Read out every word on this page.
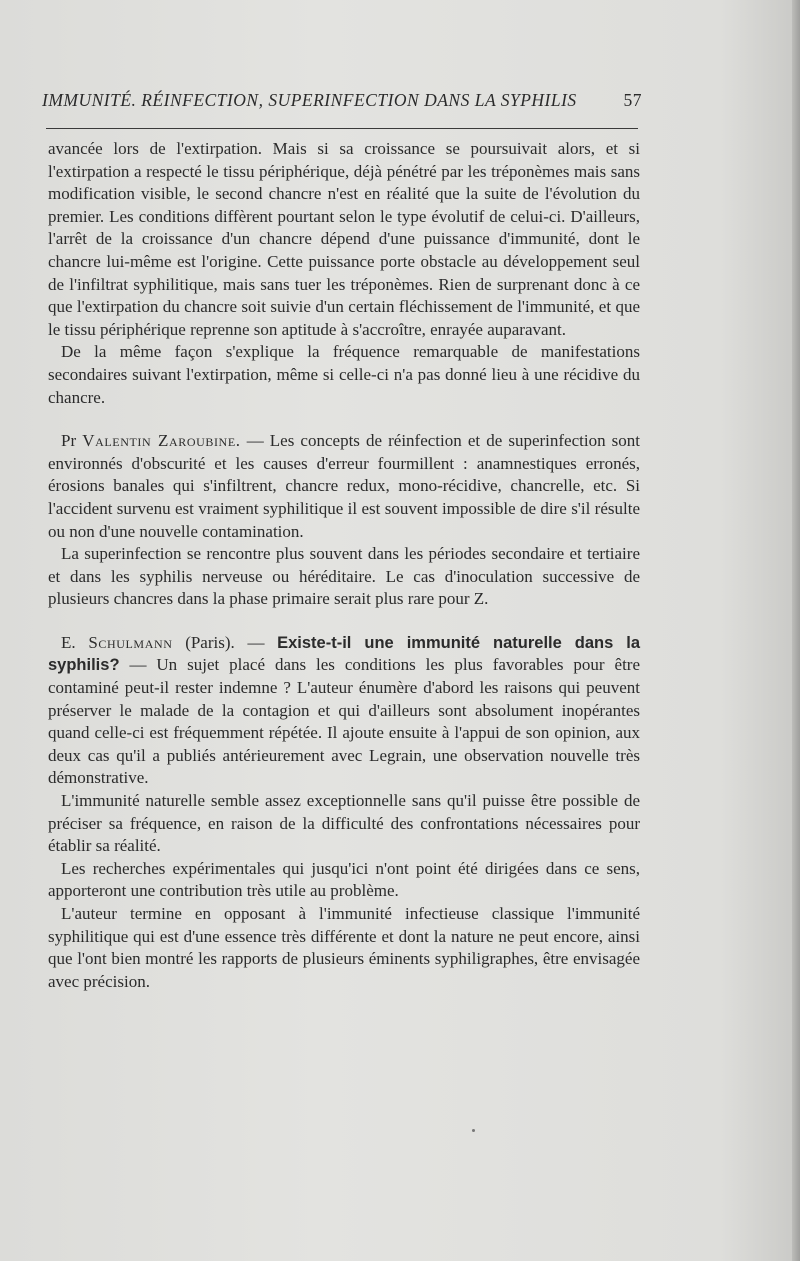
IMMUNITÉ. RÉINFECTION, SUPERINFECTION DANS LA SYPHILIS	57

avancée lors de l'extirpation. Mais si sa croissance se poursuivait alors, et si l'extirpation a respecté le tissu périphérique, déjà pénétré par les tréponèmes mais sans modification visible, le second chancre n'est en réalité que la suite de l'évolution du premier. Les conditions diffèrent pourtant selon le type évolutif de celui-ci. D'ailleurs, l'arrêt de la croissance d'un chancre dépend d'une puissance d'immunité, dont le chancre lui-même est l'origine. Cette puissance porte obstacle au développement seul de l'infiltrat syphilitique, mais sans tuer les tréponèmes. Rien de surprenant donc à ce que l'extirpation du chancre soit suivie d'un certain fléchissement de l'immunité, et que le tissu périphérique reprenne son aptitude à s'accroître, enrayée auparavant.

De la même façon s'explique la fréquence remarquable de manifestations secondaires suivant l'extirpation, même si celle-ci n'a pas donné lieu à une récidive du chancre.

Pr Valentin Zaroubine. — Les concepts de réinfection et de superinfection sont environnés d'obscurité et les causes d'erreur fourmillent : anamnestiques erronés, érosions banales qui s'infiltrent, chancre redux, mono-récidive, chancrelle, etc. Si l'accident survenu est vraiment syphilitique il est souvent impossible de dire s'il résulte ou non d'une nouvelle contamination.

La superinfection se rencontre plus souvent dans les périodes secondaire et tertiaire et dans les syphilis nerveuse ou héréditaire. Le cas d'inoculation successive de plusieurs chancres dans la phase primaire serait plus rare pour Z.

E. Schulmann (Paris). — Existe-t-il une immunité naturelle dans la syphilis? — Un sujet placé dans les conditions les plus favorables pour être contaminé peut-il rester indemne ? L'auteur énumère d'abord les raisons qui peuvent préserver le malade de la contagion et qui d'ailleurs sont absolument inopérantes quand celle-ci est fréquemment répétée. Il ajoute ensuite à l'appui de son opinion, aux deux cas qu'il a publiés antérieurement avec Legrain, une observation nouvelle très démonstrative.

L'immunité naturelle semble assez exceptionnelle sans qu'il puisse être possible de préciser sa fréquence, en raison de la difficulté des confrontations nécessaires pour établir sa réalité.

Les recherches expérimentales qui jusqu'ici n'ont point été dirigées dans ce sens, apporteront une contribution très utile au problème.

L'auteur termine en opposant à l'immunité infectieuse classique l'immunité syphilitique qui est d'une essence très différente et dont la nature ne peut encore, ainsi que l'ont bien montré les rapports de plusieurs éminents syphiligraphes, être envisagée avec précision.
